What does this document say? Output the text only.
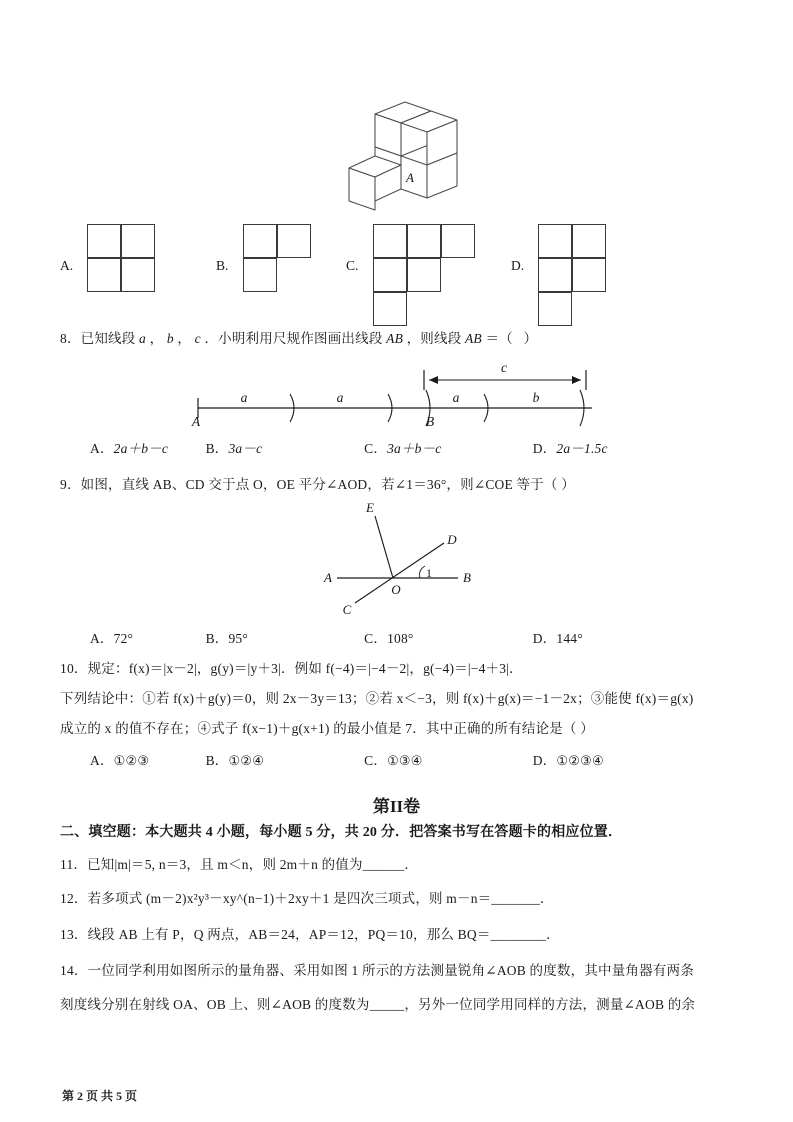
A
A.	B.	C.	D.
8．已知线段 a ， b ， c ．小明利用尺规作图画出线段 AB ，则线段 AB ＝（   ）
A	B
a	a	a	b
c
A．2a＋b－c	B．3a－c	C．3a＋b－c	D．2a－1.5c
9．如图，直线 AB、CD 交于点 O，OE 平分∠AOD，若∠1＝36°，则∠COE 等于（ ）
E
D
A	B
O
C
1
A．72°	B．95°	C．108°	D．144°
10．规定：f(x)＝|x－2|，g(y)＝|y＋3|．例如 f(−4)＝|−4－2|，g(−4)＝|−4＋3|．
下列结论中：①若 f(x)＋g(y)＝0，则 2x－3y＝13；②若 x＜−3，则 f(x)＋g(x)＝−1－2x；③能使 f(x)＝g(x)
成立的 x 的值不存在；④式子 f(x−1)＋g(x+1) 的最小值是 7．其中正确的所有结论是（ ）
A．①②③	B．①②④	C．①③④	D．①②③④
第II卷
二、填空题：本大题共 4 小题，每小题 5 分，共 20 分．把答案书写在答题卡的相应位置．
11．已知|m|＝5, n＝3，且 m＜n，则 2m＋n 的值为______．
12．若多项式 (m－2)x²y³－xy^(n−1)＋2xy＋1 是四次三项式，则 m－n＝_______．
13．线段 AB 上有 P，Q 两点，AB＝24，AP＝12，PQ＝10，那么 BQ＝________．
14．一位同学利用如图所示的量角器、采用如图 1 所示的方法测量锐角∠AOB 的度数，其中量角器有两条
刻度线分别在射线 OA、OB 上、则∠AOB 的度数为_____，另外一位同学用同样的方法，测量∠AOB 的余
第 2 页 共 5 页
